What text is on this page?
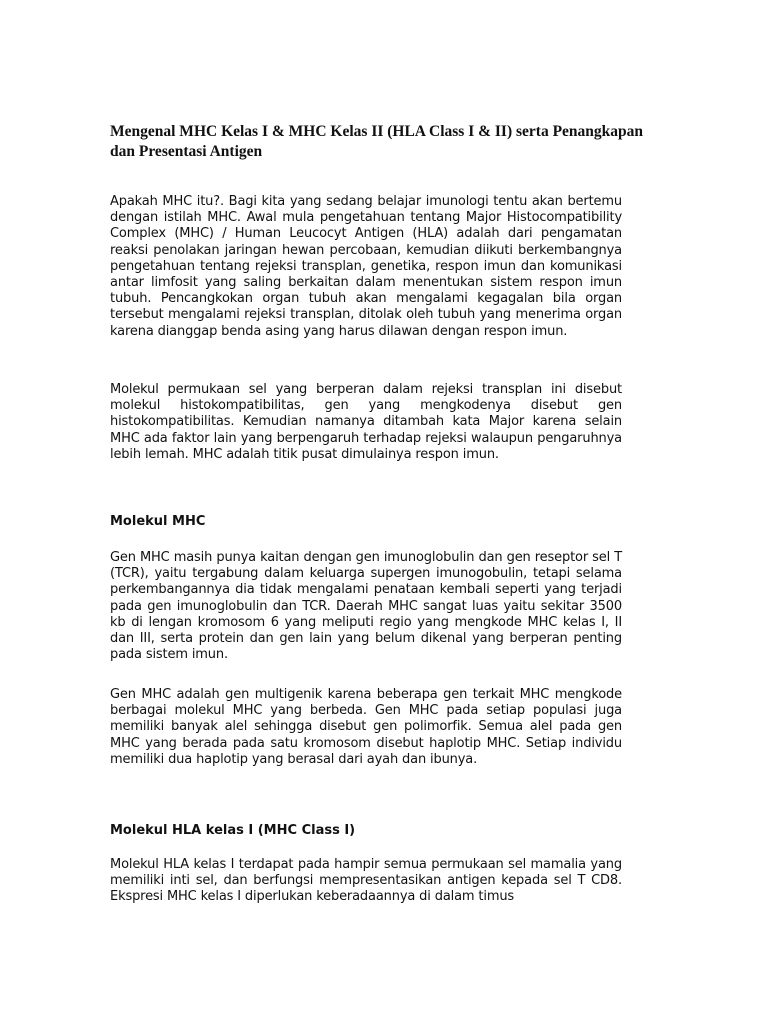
Mengenal MHC Kelas I & MHC Kelas II (HLA Class I & II) serta Penangkapan dan Presentasi Antigen

Apakah MHC itu?. Bagi kita yang sedang belajar imunologi tentu akan bertemu dengan istilah MHC. Awal mula pengetahuan tentang Major Histocompatibility Complex (MHC) / Human Leucocyt Antigen (HLA) adalah dari pengamatan reaksi penolakan jaringan hewan percobaan, kemudian diikuti berkembangnya pengetahuan tentang rejeksi transplan, genetika, respon imun dan komunikasi antar limfosit yang saling berkaitan dalam menentukan sistem respon imun tubuh. Pencangkokan organ tubuh akan mengalami kegagalan bila organ tersebut mengalami rejeksi transplan, ditolak oleh tubuh yang menerima organ karena dianggap benda asing yang harus dilawan dengan respon imun.

Molekul permukaan sel yang berperan dalam rejeksi transplan ini disebut molekul histokompatibilitas, gen yang mengkodenya disebut gen histokompatibilitas. Kemudian namanya ditambah kata Major karena selain MHC ada faktor lain yang berpengaruh terhadap rejeksi walaupun pengaruhnya lebih lemah. MHC adalah titik pusat dimulainya respon imun.

Molekul MHC

Gen MHC masih punya kaitan dengan gen imunoglobulin dan gen reseptor sel T (TCR), yaitu tergabung dalam keluarga supergen imunogobulin, tetapi selama perkembangannya dia tidak mengalami penataan kembali seperti yang terjadi pada gen imunoglobulin dan TCR. Daerah MHC sangat luas yaitu sekitar 3500 kb di lengan kromosom 6 yang meliputi regio yang mengkode MHC kelas I, II dan III, serta protein dan gen lain yang belum dikenal yang berperan penting pada sistem imun.

Gen MHC adalah gen multigenik karena beberapa gen terkait MHC mengkode berbagai molekul MHC yang berbeda. Gen MHC pada setiap populasi juga memiliki banyak alel sehingga disebut gen polimorfik. Semua alel pada gen MHC yang berada pada satu kromosom disebut haplotip MHC. Setiap individu memiliki dua haplotip yang berasal dari ayah dan ibunya.

Molekul HLA kelas I (MHC Class I)

Molekul HLA kelas I terdapat pada hampir semua permukaan sel mamalia yang memiliki inti sel, dan berfungsi mempresentasikan antigen kepada sel T CD8. Ekspresi MHC kelas I diperlukan keberadaannya di dalam timus
